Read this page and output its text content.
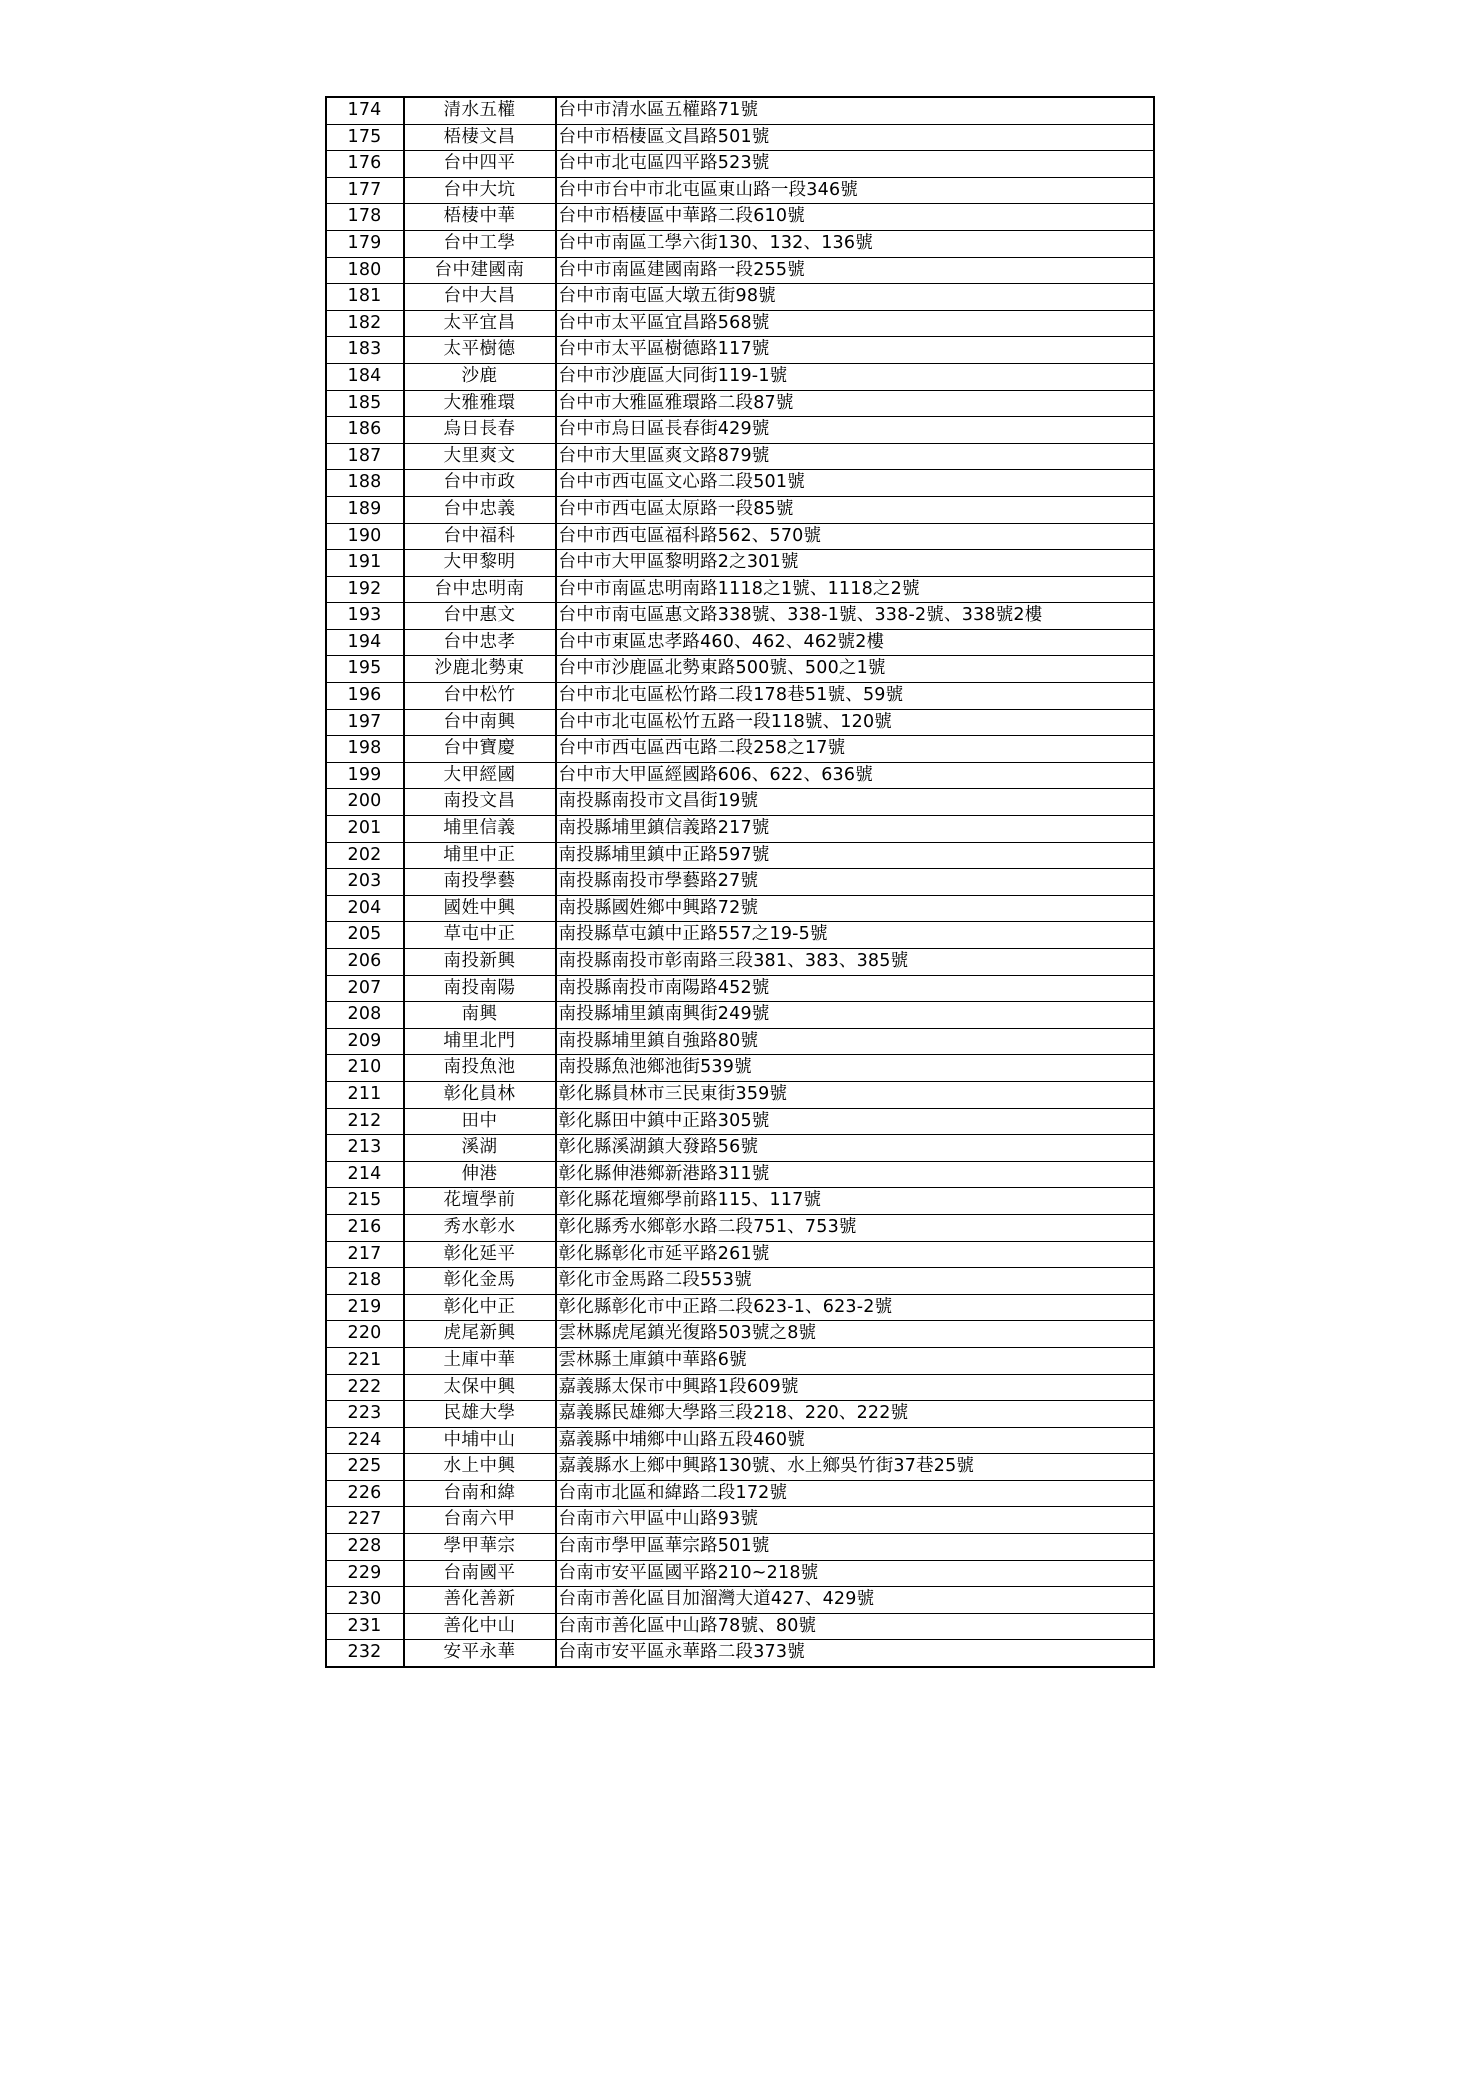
174	清水五權	台中市清水區五權路71號
175	梧棲文昌	台中市梧棲區文昌路501號
176	台中四平	台中市北屯區四平路523號
177	台中大坑	台中市台中市北屯區東山路一段346號
178	梧棲中華	台中市梧棲區中華路二段610號
179	台中工學	台中市南區工學六街130、132、136號
180	台中建國南	台中市南區建國南路一段255號
181	台中大昌	台中市南屯區大墩五街98號
182	太平宜昌	台中市太平區宜昌路568號
183	太平樹德	台中市太平區樹德路117號
184	沙鹿	台中市沙鹿區大同街119-1號
185	大雅雅環	台中市大雅區雅環路二段87號
186	烏日長春	台中市烏日區長春街429號
187	大里爽文	台中市大里區爽文路879號
188	台中市政	台中市西屯區文心路二段501號
189	台中忠義	台中市西屯區太原路一段85號
190	台中福科	台中市西屯區福科路562、570號
191	大甲黎明	台中市大甲區黎明路2之301號
192	台中忠明南	台中市南區忠明南路1118之1號、1118之2號
193	台中惠文	台中市南屯區惠文路338號、338-1號、338-2號、338號2樓
194	台中忠孝	台中市東區忠孝路460、462、462號2樓
195	沙鹿北勢東	台中市沙鹿區北勢東路500號、500之1號
196	台中松竹	台中市北屯區松竹路二段178巷51號、59號
197	台中南興	台中市北屯區松竹五路一段118號、120號
198	台中寶慶	台中市西屯區西屯路二段258之17號
199	大甲經國	台中市大甲區經國路606、622、636號
200	南投文昌	南投縣南投市文昌街19號
201	埔里信義	南投縣埔里鎮信義路217號
202	埔里中正	南投縣埔里鎮中正路597號
203	南投學藝	南投縣南投市學藝路27號
204	國姓中興	南投縣國姓鄉中興路72號
205	草屯中正	南投縣草屯鎮中正路557之19-5號
206	南投新興	南投縣南投市彰南路三段381、383、385號
207	南投南陽	南投縣南投市南陽路452號
208	南興	南投縣埔里鎮南興街249號
209	埔里北門	南投縣埔里鎮自強路80號
210	南投魚池	南投縣魚池鄉池街539號
211	彰化員林	彰化縣員林市三民東街359號
212	田中	彰化縣田中鎮中正路305號
213	溪湖	彰化縣溪湖鎮大發路56號
214	伸港	彰化縣伸港鄉新港路311號
215	花壇學前	彰化縣花壇鄉學前路115、117號
216	秀水彰水	彰化縣秀水鄉彰水路二段751、753號
217	彰化延平	彰化縣彰化市延平路261號
218	彰化金馬	彰化市金馬路二段553號
219	彰化中正	彰化縣彰化市中正路二段623-1、623-2號
220	虎尾新興	雲林縣虎尾鎮光復路503號之8號
221	土庫中華	雲林縣土庫鎮中華路6號
222	太保中興	嘉義縣太保市中興路1段609號
223	民雄大學	嘉義縣民雄鄉大學路三段218、220、222號
224	中埔中山	嘉義縣中埔鄉中山路五段460號
225	水上中興	嘉義縣水上鄉中興路130號、水上鄉吳竹街37巷25號
226	台南和緯	台南市北區和緯路二段172號
227	台南六甲	台南市六甲區中山路93號
228	學甲華宗	台南市學甲區華宗路501號
229	台南國平	台南市安平區國平路210~218號
230	善化善新	台南市善化區目加溜灣大道427、429號
231	善化中山	台南市善化區中山路78號、80號
232	安平永華	台南市安平區永華路二段373號
